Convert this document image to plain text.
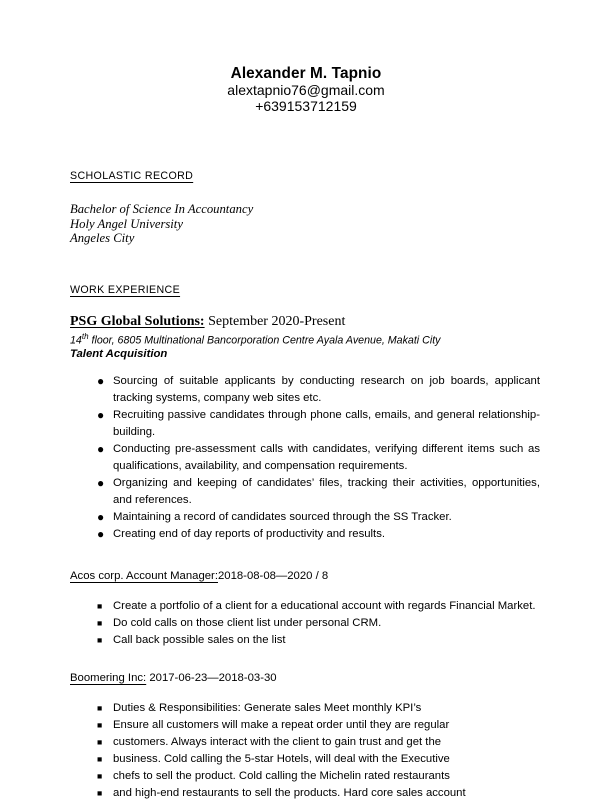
Alexander M. Tapnio
alextapnio76@gmail.com
+639153712159
SCHOLASTIC RECORD
Bachelor of Science In Accountancy
Holy Angel University
Angeles City
WORK EXPERIENCE
PSG Global Solutions: September 2020-Present
14th floor, 6805 Multinational Bancorporation Centre Ayala Avenue, Makati City
Talent Acquisition
● Sourcing of suitable applicants by conducting research on job boards, applicant tracking systems, company web sites etc.
● Recruiting passive candidates through phone calls, emails, and general relationship-building.
● Conducting pre-assessment calls with candidates, verifying different items such as qualifications, availability, and compensation requirements.
● Organizing and keeping of candidates’ files, tracking their activities, opportunities, and references.
● Maintaining a record of candidates sourced through the SS Tracker.
● Creating end of day reports of productivity and results.
Acos corp. Account Manager:2018-08-08—2020 / 8
■ Create a portfolio of a client for a educational account with regards Financial Market.
■ Do cold calls on those client list under personal CRM.
■ Call back possible sales on the list
Boomering Inc: 2017-06-23—2018-03-30
■ Duties & Responsibilities: Generate sales Meet monthly KPI’s
■ Ensure all customers will make a repeat order until they are regular
■ customers. Always interact with the client to gain trust and get the
■ business. Cold calling the 5-star Hotels, will deal with the Executive
■ chefs to sell the product. Cold calling the Michelin rated restaurants
■ and high-end restaurants to sell the products. Hard core sales account
